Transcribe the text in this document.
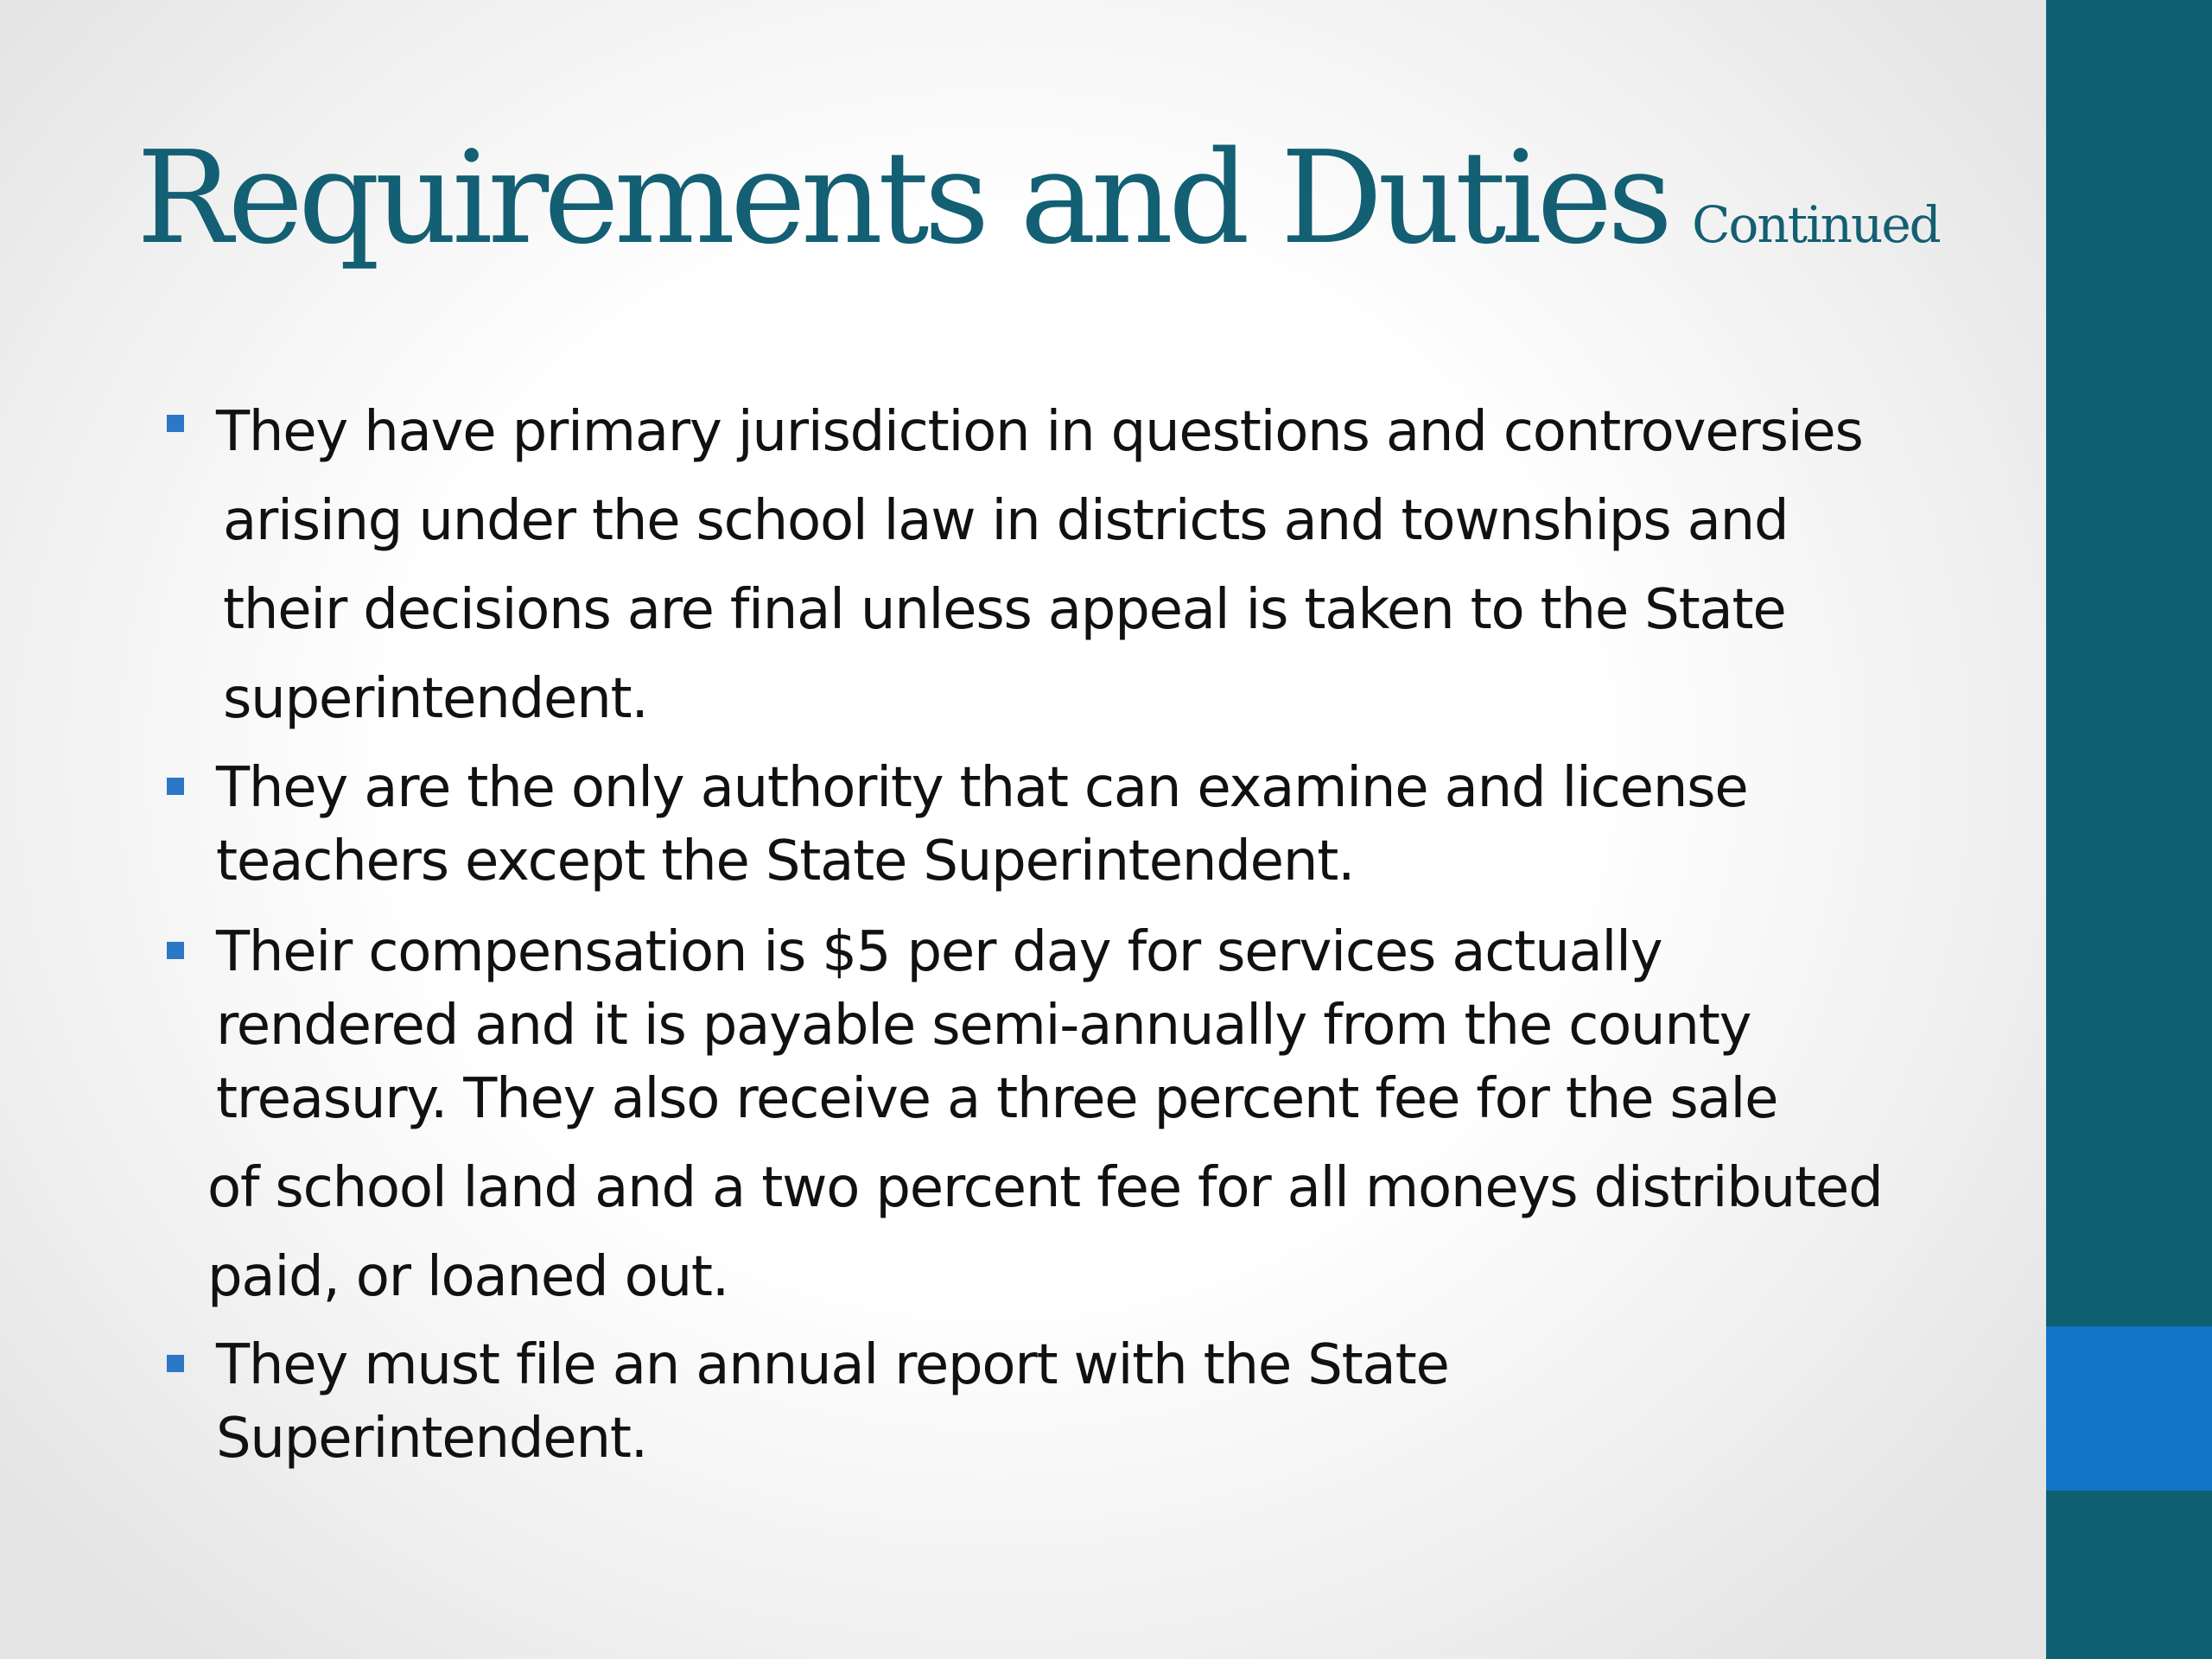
Requirements and Duties Continued
They have primary jurisdiction in questions and controversies
arising under the school law in districts and townships and
their decisions are final unless appeal is taken to the State
superintendent.
They are the only authority that can examine and license
teachers except the State Superintendent.
Their compensation is $5 per day for services actually
rendered and it is payable semi-annually from the county
treasury. They also receive a three percent fee for the sale
of school land and a two percent fee for all moneys distributed
paid, or loaned out.
They must file an annual report with the State
Superintendent.
